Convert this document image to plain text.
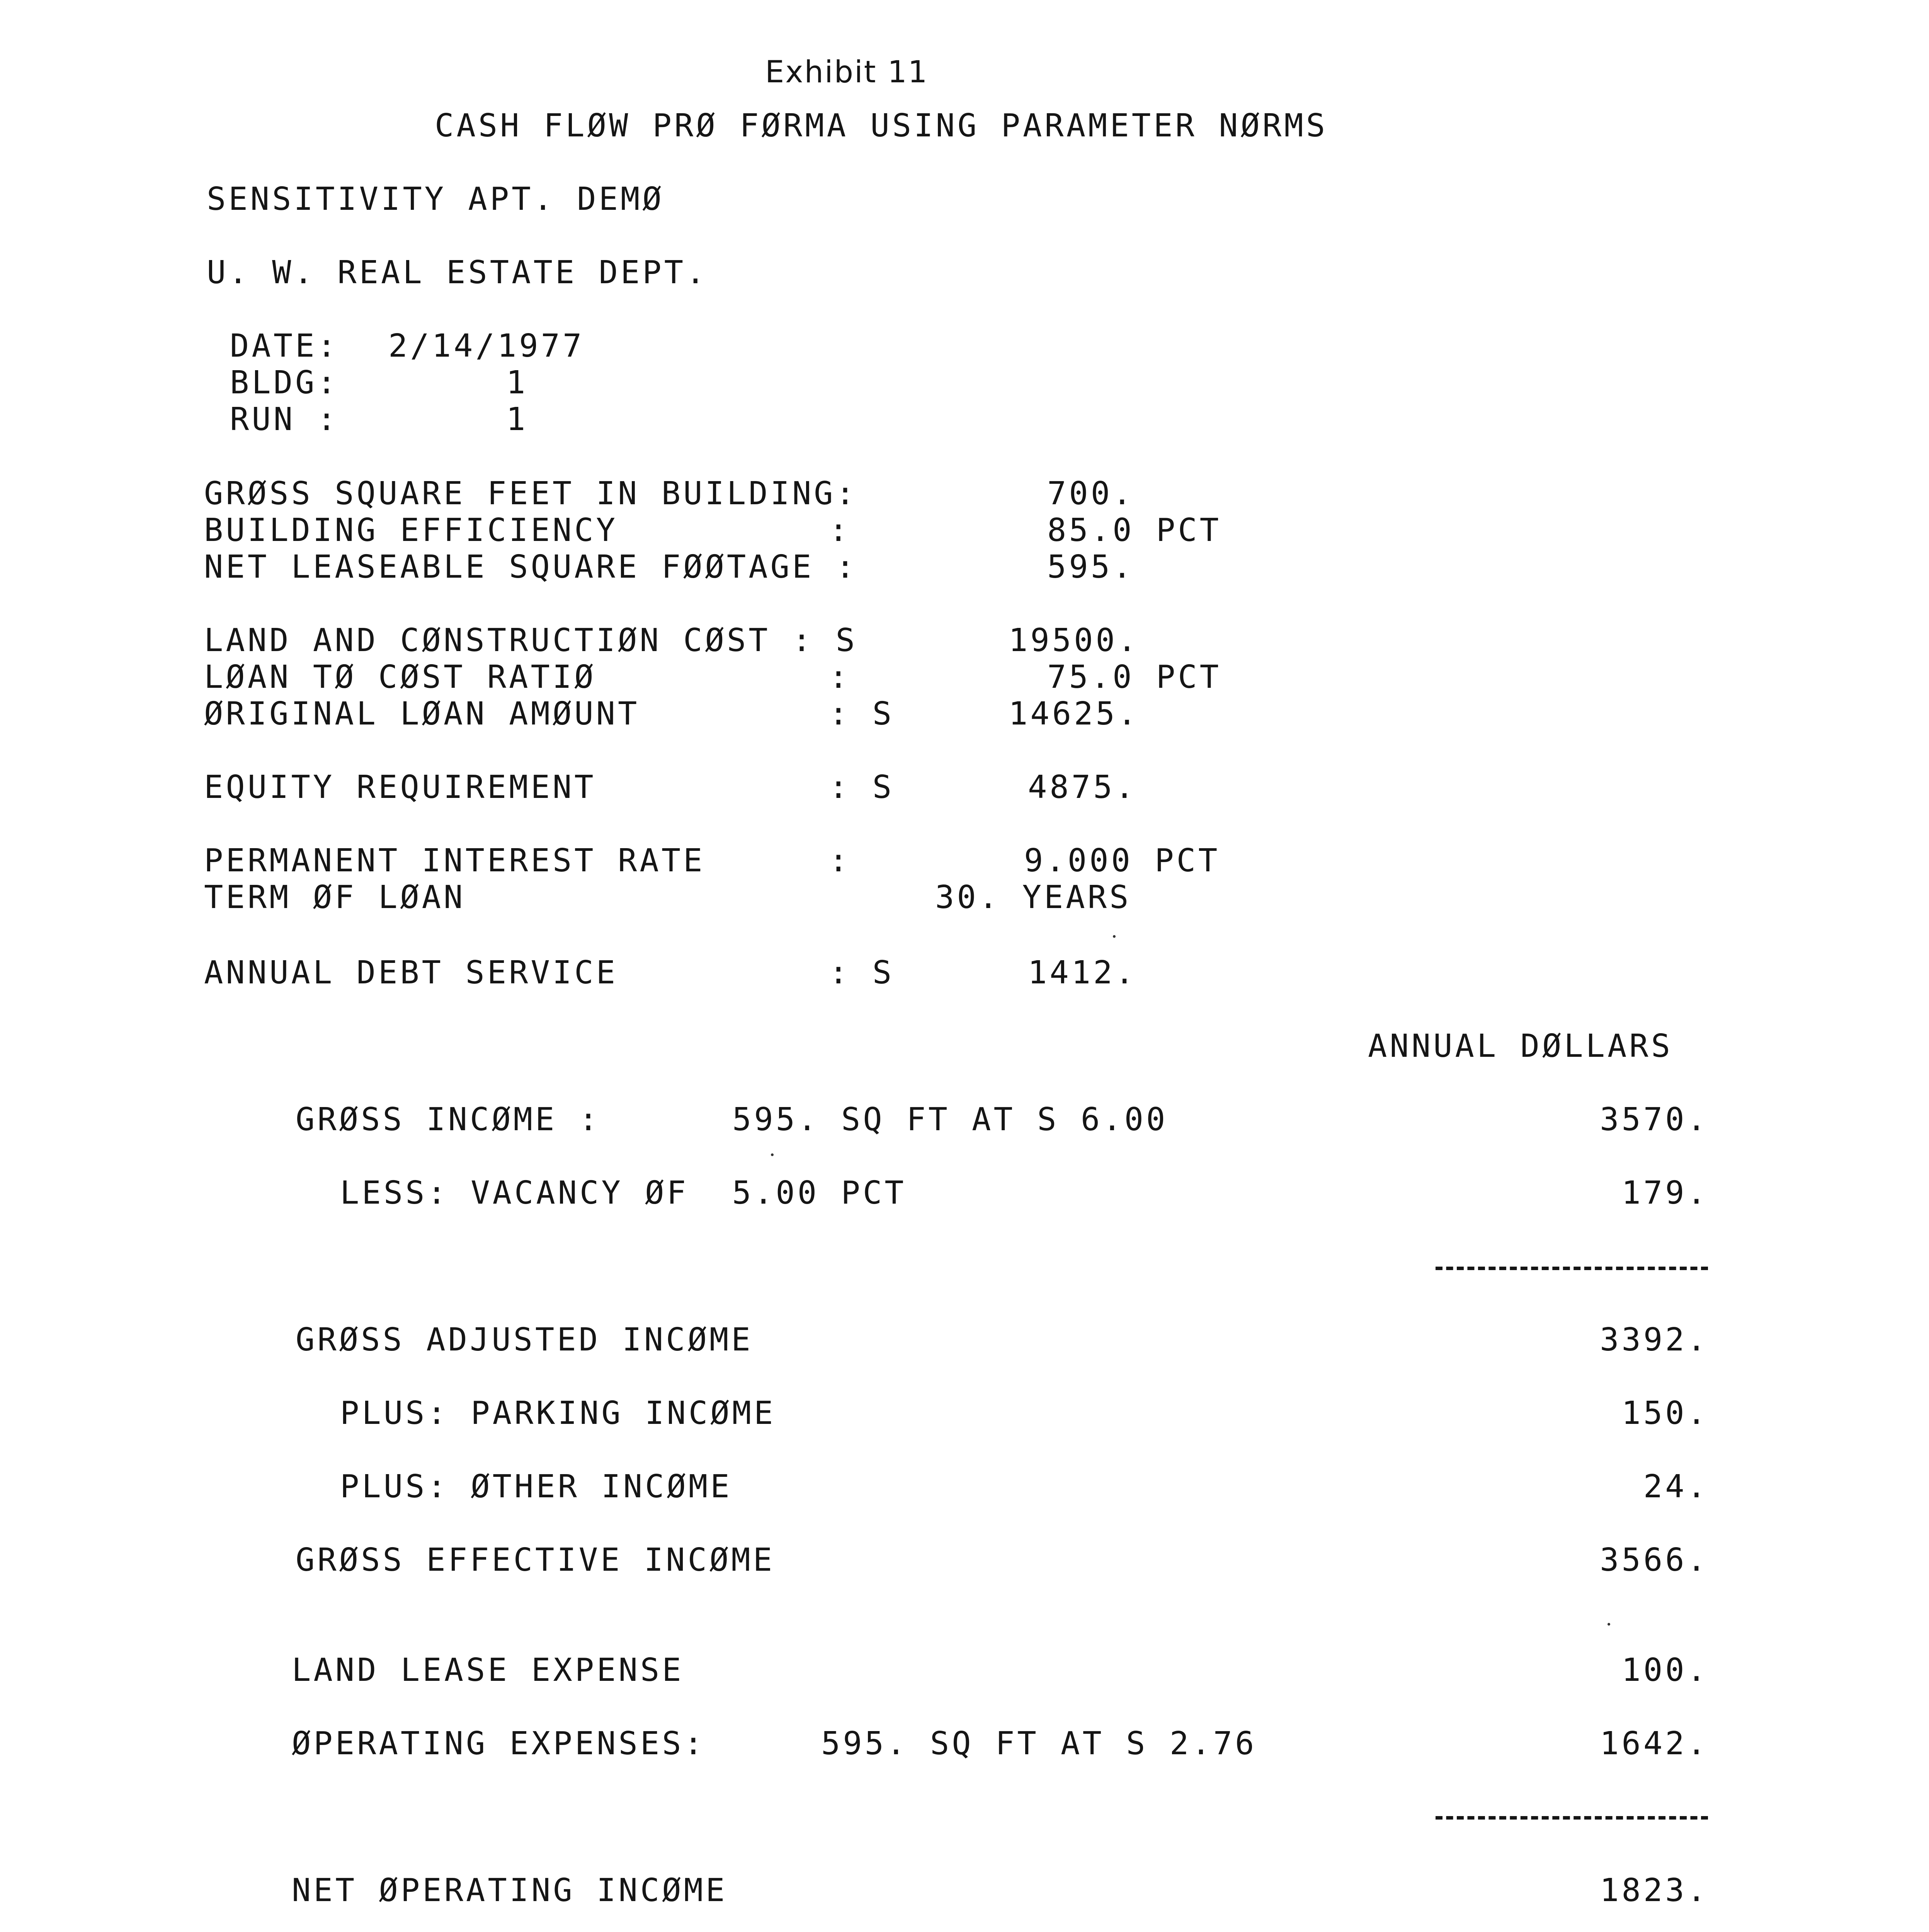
Exhibit 11
CASH FLØW PRØ FØRMA USING PARAMETER NØRMS
SENSITIVITY APT. DEMØ
U. W. REAL ESTATE DEPT.
DATE: 2/14/1977
BLDG:	1
RUN :	1
GRØSS SQUARE FEET IN BUILDING:	700.
BUILDING EFFICIENCY	:	85.0 PCT
NET LEASEABLE SQUARE FØØTAGE :	595.
LAND AND CØNSTRUCTIØN CØST : S	19500.
LØAN TØ CØST RATIØ	:	75.0 PCT
ØRIGINAL LØAN AMØUNT	: S	14625.
EQUITY REQUIREMENT	: S	4875.
PERMANENT INTEREST RATE	:	9.000 PCT
TERM ØF LØAN	30. YEARS
ANNUAL DEBT SERVICE	: S	1412.
ANNUAL DØLLARS
GRØSS INCØME :	595. SQ FT AT S 6.00	3570.
LESS: VACANCY ØF  5.00 PCT	179.
GRØSS ADJUSTED INCØME	3392.
PLUS: PARKING INCØME	150.
PLUS: ØTHER INCØME	24.
GRØSS EFFECTIVE INCØME	3566.
LAND LEASE EXPENSE	100.
ØPERATING EXPENSES:	595. SQ FT AT S 2.76	1642.
NET ØPERATING INCØME	1823.
